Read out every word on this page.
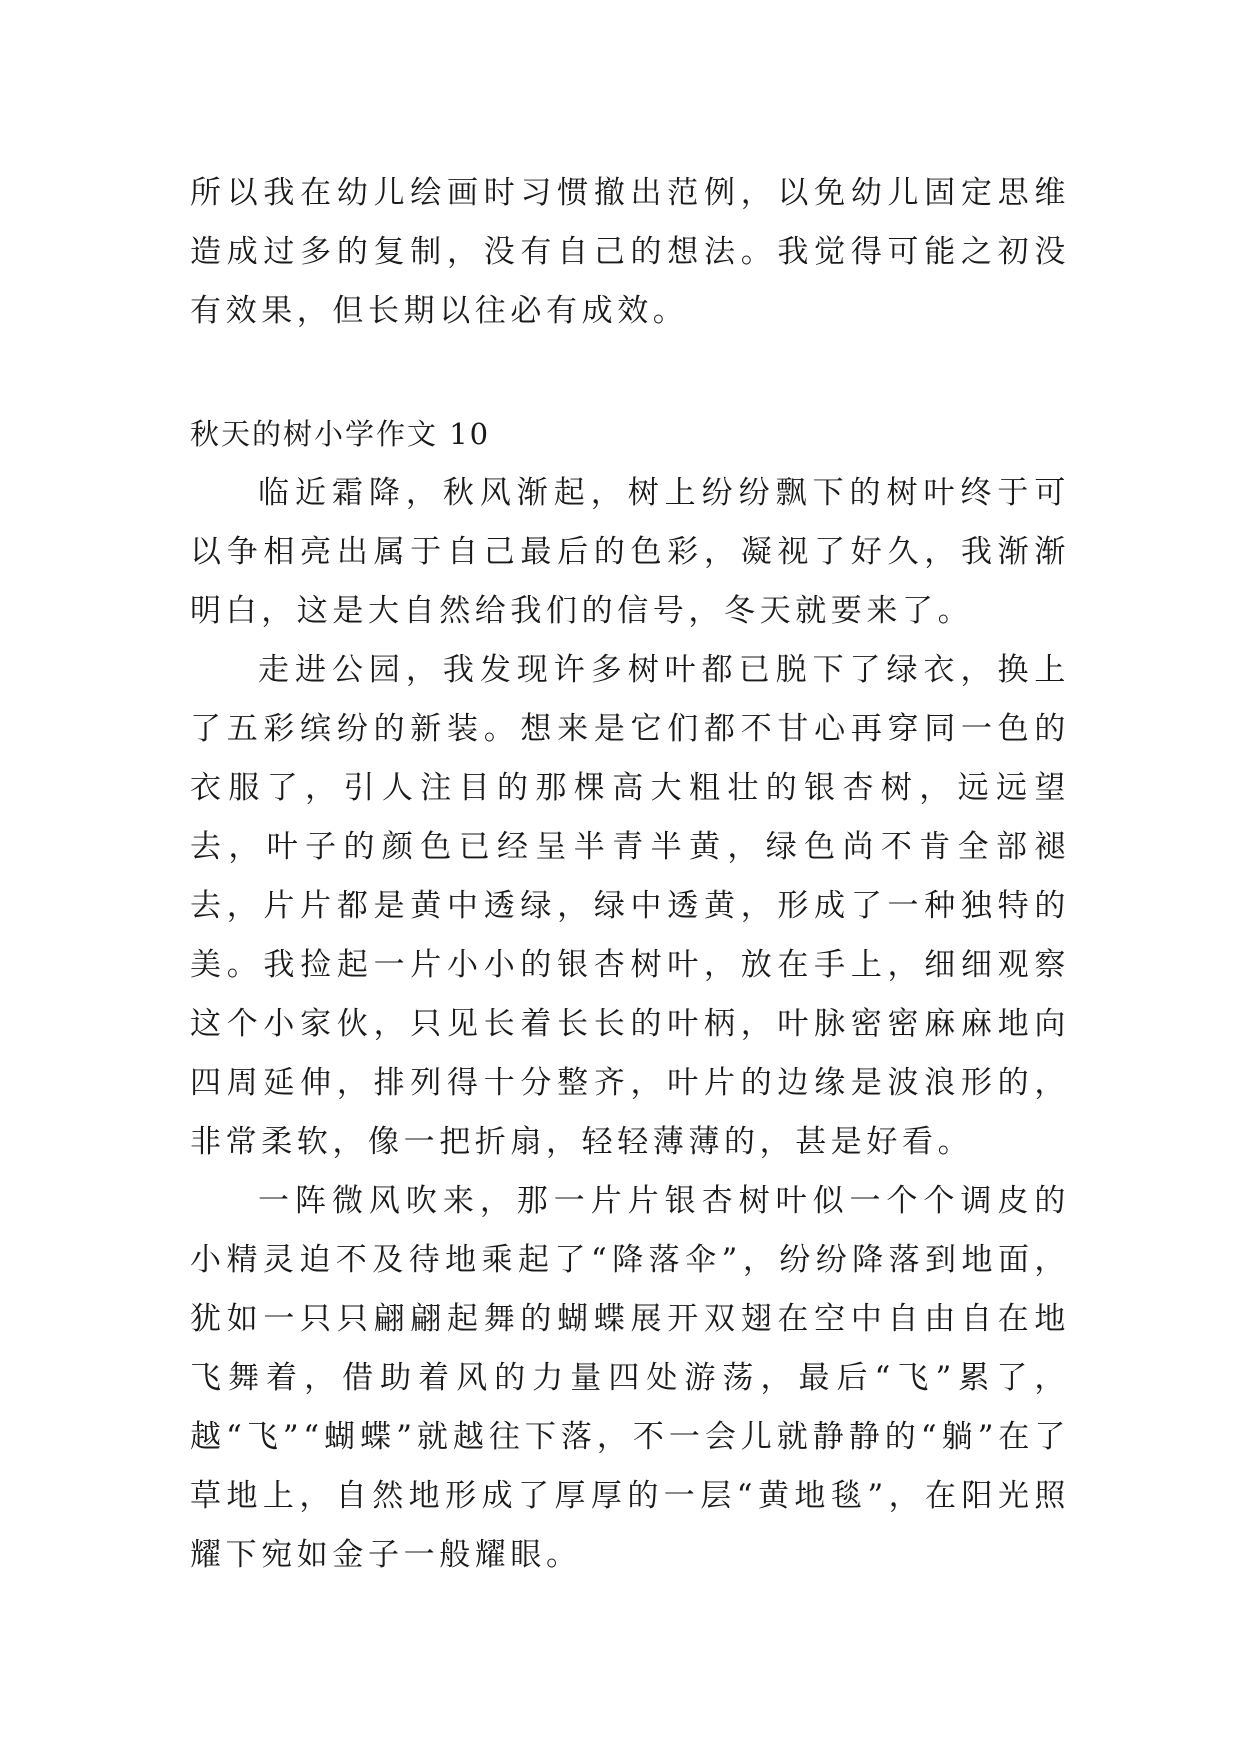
所以我在幼儿绘画时习惯撤出范例，以免幼儿固定思维造成过多的复制，没有自己的想法。我觉得可能之初没有效果，但长期以往必有成效。

秋天的树小学作文 10

临近霜降，秋风渐起，树上纷纷飘下的树叶终于可以争相亮出属于自己最后的色彩，凝视了好久，我渐渐明白，这是大自然给我们的信号，冬天就要来了。

走进公园，我发现许多树叶都已脱下了绿衣，换上了五彩缤纷的新装。想来是它们都不甘心再穿同一色的衣服了，引人注目的那棵高大粗壮的银杏树，远远望去，叶子的颜色已经呈半青半黄，绿色尚不肯全部褪去，片片都是黄中透绿，绿中透黄，形成了一种独特的美。我捡起一片小小的银杏树叶，放在手上，细细观察这个小家伙，只见长着长长的叶柄，叶脉密密麻麻地向四周延伸，排列得十分整齐，叶片的边缘是波浪形的，非常柔软，像一把折扇，轻轻薄薄的，甚是好看。

一阵微风吹来，那一片片银杏树叶似一个个调皮的小精灵迫不及待地乘起了“降落伞”，纷纷降落到地面，犹如一只只翩翩起舞的蝴蝶展开双翅在空中自由自在地飞舞着，借助着风的力量四处游荡，最后“飞”累了，越“飞”“蝴蝶”就越往下落，不一会儿就静静的“躺”在了草地上，自然地形成了厚厚的一层“黄地毯”，在阳光照耀下宛如金子一般耀眼。
